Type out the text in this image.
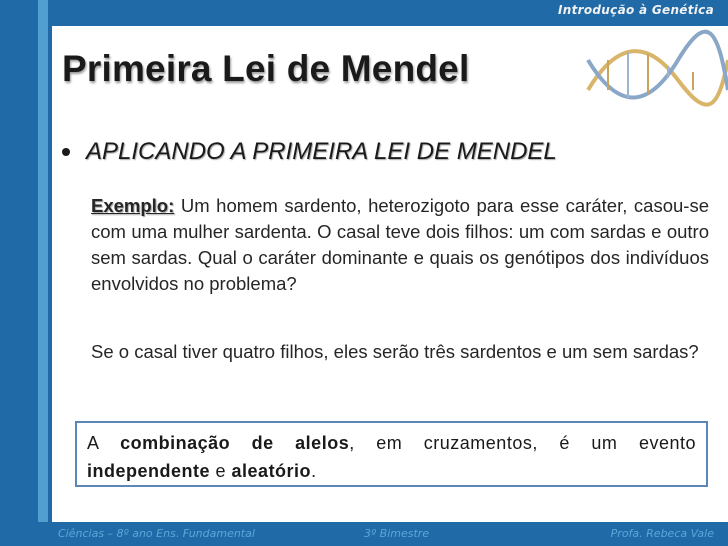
Introdução à Genética
Primeira Lei de Mendel
APLICANDO A PRIMEIRA LEI DE MENDEL
Exemplo: Um homem sardento, heterozigoto para esse caráter, casou-se com uma mulher sardenta. O casal teve dois filhos: um com sardas e outro sem sardas. Qual o caráter dominante e quais os genótipos dos indivíduos envolvidos no problema?
Se o casal tiver quatro filhos, eles serão três sardentos e um sem sardas?
A combinação de alelos, em cruzamentos, é um evento independente e aleatório.
Ciências – 8º ano Ens. Fundamental	3º Bimestre	Profa. Rebeca Vale
